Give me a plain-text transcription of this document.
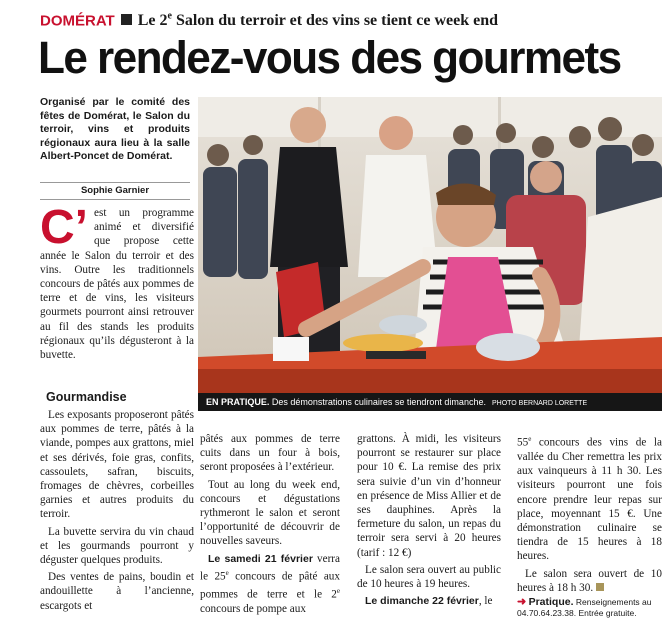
DOMÉRAT Le 2e Salon du terroir et des vins se tient ce week end
Le rendez-vous des gourmets
Organisé par le comité des fêtes de Domérat, le Salon du terroir, vins et produits régionaux aura lieu à la salle Albert-Poncet de Domérat.
Sophie Garnier
C’ est un programme animé et diversifié que propose cette année le Salon du terroir et des vins. Outre les traditionnels concours de pâtés aux pommes de terre et de vins, les visiteurs gourmets pourront ainsi retrouver au fil des stands les produits régionaux qu’ils dégusteront à la buvette.
Gourmandise

Les exposants proposeront pâtés aux pommes de terre, pâtés à la viande, pompes aux grattons, miel et ses dérivés, foie gras, confits, cassoulets, safran, biscuits, fromages de chèvres, corbeilles garnies et autres produits du terroir.

La buvette servira du vin chaud et les gourmands pourront y déguster quelques produits.

Des ventes de pains, boudin et andouillette à l’ancienne, escargots et

EN PRATIQUE. Des démonstrations culinaires se tiendront dimanche. PHOTO BERNARD LORETTE

pâtés aux pommes de terre cuits dans un four à bois, seront proposées à l’extérieur.

Tout au long du week end, concours et dégustations rythmeront le salon et seront l’opportunité de découvrir de nouvelles saveurs.

Le samedi 21 février verra le 25e concours de pâté aux pommes de terre et le 2e concours de pompe aux

grattons. À midi, les visiteurs pourront se restaurer sur place pour 10 €. La remise des prix sera suivie d’un vin d’honneur en présence de Miss Allier et de ses dauphines. Après la fermeture du salon, un repas du terroir sera servi à 20 heures (tarif : 12 €)

Le salon sera ouvert au public de 10 heures à 19 heures.

Le dimanche 22 février, le

55e concours des vins de la vallée du Cher remettra les prix aux vainqueurs à 11 h 30. Les visiteurs pourront une fois encore prendre leur repas sur place, moyennant 15 €. Une démonstration culinaire se tiendra de 15 heures à 18 heures.

Le salon sera ouvert de 10 heures à 18 h 30.

➜ Pratique. Renseignements au 04.70.64.23.38. Entrée gratuite.
